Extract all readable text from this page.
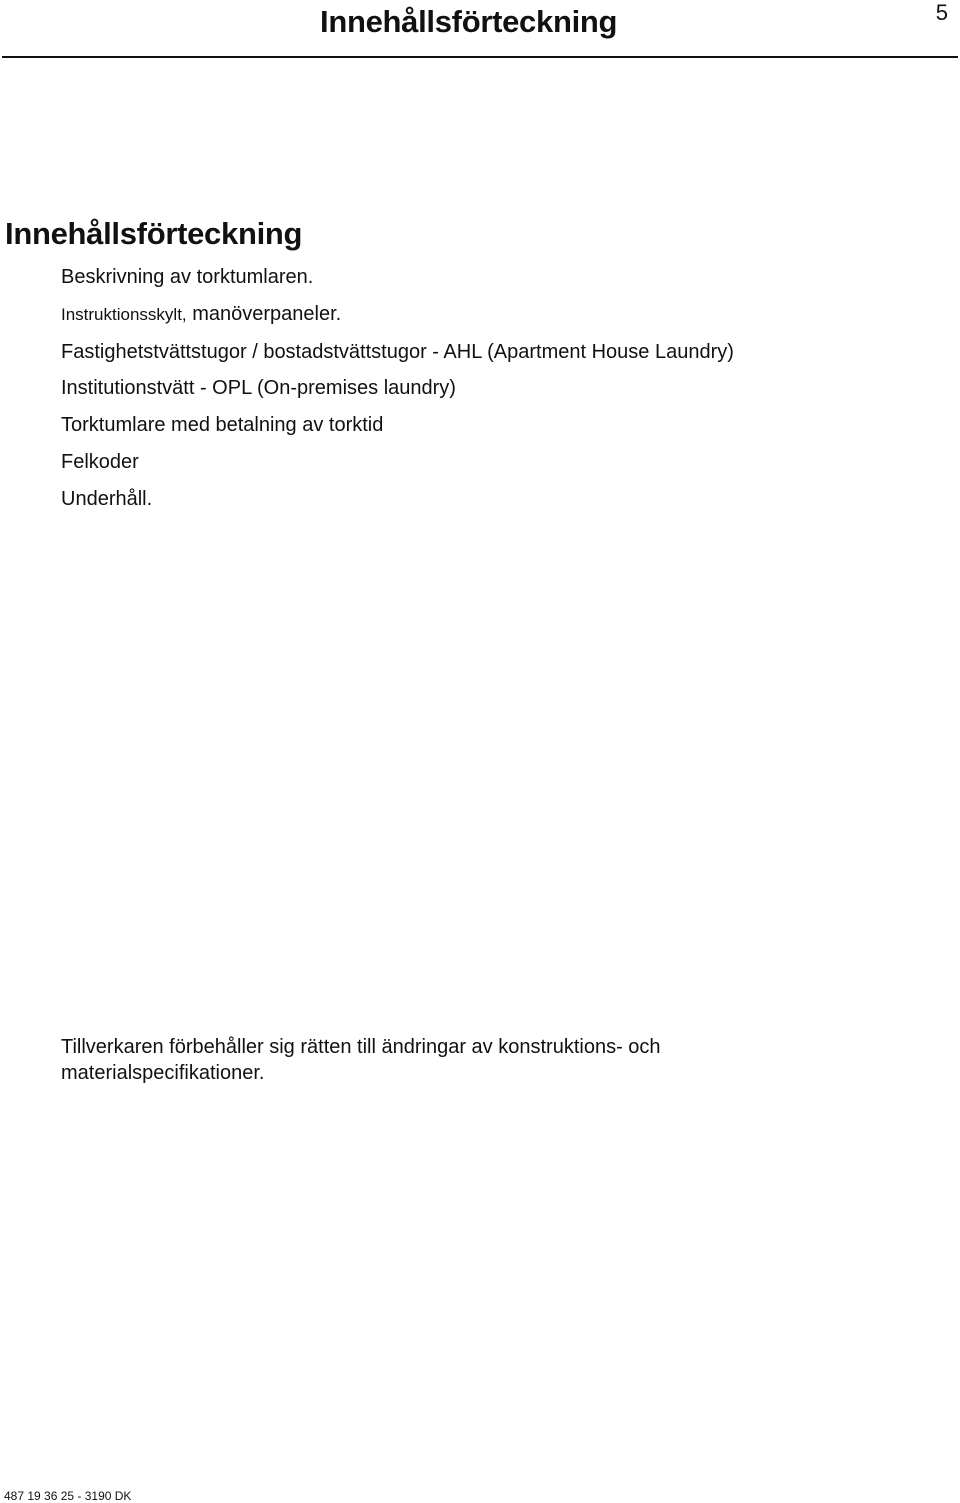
Innehållsförteckning	5
Innehållsförteckning
Beskrivning av torktumlaren.
Instruktionsskylt, manöverpaneler.
Fastighetstvättstugor / bostadstvättstugor - AHL (Apartment House Laundry)
Institutionstvätt - OPL (On-premises laundry)
Torktumlare med betalning av torktid
Felkoder
Underhåll.

Tillverkaren förbehåller sig rätten till ändringar av konstruktions- och materialspecifikationer.

487 19 36 25 - 3190 DK
